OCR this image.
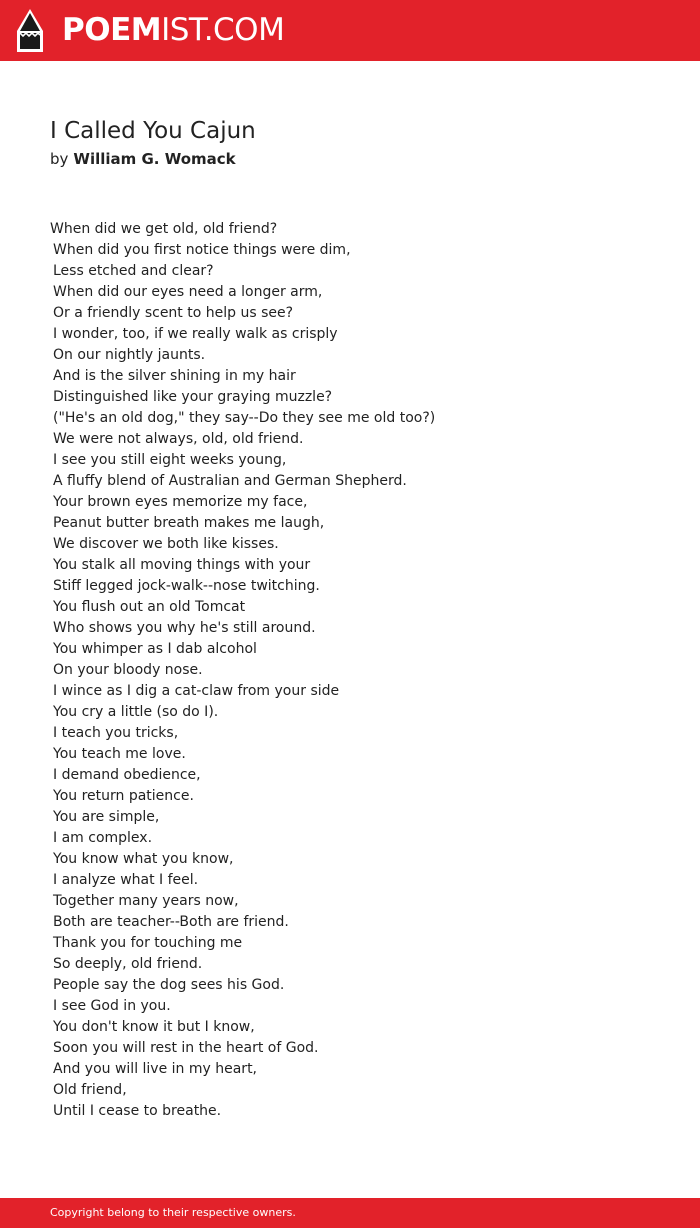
POEMIST.COM
I Called You Cajun
by William G. Womack
When did we get old, old friend?
When did you first notice things were dim,
Less etched and clear?
When did our eyes need a longer arm,
Or a friendly scent to help us see?
I wonder, too, if we really walk as crisply
On our nightly jaunts.
And is the silver shining in my hair
Distinguished like your graying muzzle?
("He's an old dog," they say--Do they see me old too?)
We were not always, old, old friend.
I see you still eight weeks young,
A fluffy blend of Australian and German Shepherd.
Your brown eyes memorize my face,
Peanut butter breath makes me laugh,
We discover we both like kisses.
You stalk all moving things with your
Stiff legged jock-walk--nose twitching.
You flush out an old Tomcat
Who shows you why he's still around.
You whimper as I dab alcohol
On your bloody nose.
I wince as I dig a cat-claw from your side
You cry a little (so do I).
I teach you tricks,
You teach me love.
I demand obedience,
You return patience.
You are simple,
I am complex.
You know what you know,
I analyze what I feel.
Together many years now,
Both are teacher--Both are friend.
Thank you for touching me
So deeply, old friend.
People say the dog sees his God.
I see God in you.
You don't know it but I know,
Soon you will rest in the heart of God.
And you will live in my heart,
Old friend,
Until I cease to breathe.
Copyright belong to their respective owners.
